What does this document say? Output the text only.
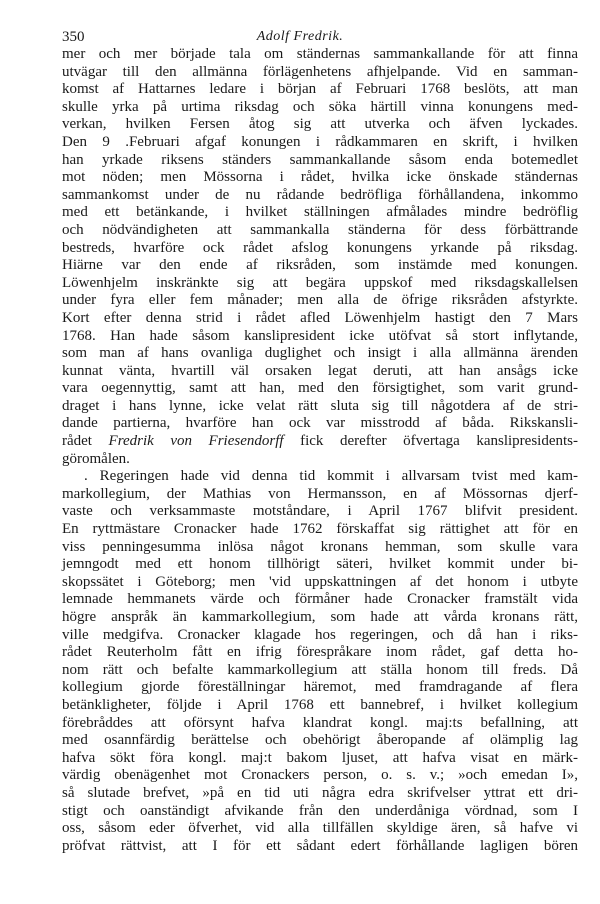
350	Adolf Fredrik.
mer och mer började tala om ständernas sammankallande för att finna
utvägar till den allmänna förlägenhetens afhjelpande. Vid en samman-
komst af Hattarnes ledare i början af Februari 1768 beslöts, att man
skulle yrka på urtima riksdag och söka härtill vinna konungens med-
verkan, hvilken Fersen åtog sig att utverka och äfven lyckades.
Den 9 .Februari afgaf konungen i rådkammaren en skrift, i hvilken
han yrkade riksens ständers sammankallande såsom enda botemedlet
mot nöden; men Mössorna i rådet, hvilka icke önskade ständernas
sammankomst under de nu rådande bedröfliga förhållandena, inkommo
med ett betänkande, i hvilket ställningen afmålades mindre bedröflig
och nödvändigheten att sammankalla ständerna för dess förbättrande
bestreds, hvarföre ock rådet afslog konungens yrkande på riksdag.
Hiärne var den ende af riksråden, som instämde med konungen.
Löwenhjelm inskränkte sig att begära uppskof med riksdagskallelsen
under fyra eller fem månader; men alla de öfrige riksråden afstyrkte.
Kort efter denna strid i rådet afled Löwenhjelm hastigt den 7 Mars
1768. Han hade såsom kanslipresident icke utöfvat så stort inflytande,
som man af hans ovanliga duglighet och insigt i alla allmänna ärenden
kunnat vänta, hvartill väl orsaken legat deruti, att han ansågs icke
vara oegennyttig, samt att han, med den försigtighet, som varit grund-
draget i hans lynne, icke velat rätt sluta sig till någotdera af de stri-
dande partierna, hvarföre han ock var misstrodd af båda. Rikskansli-
rådet Fredrik von Friesendorff fick derefter öfvertaga kanslipresidents-
göromålen.
. Regeringen hade vid denna tid kommit i allvarsam tvist med kam-
markollegium, der Mathias von Hermansson, en af Mössornas djerf-
vaste och verksammaste motståndare, i April 1767 blifvit president.
En ryttmästare Cronacker hade 1762 förskaffat sig rättighet att för en
viss penningesumma inlösa något kronans hemman, som skulle vara
jemngodt med ett honom tillhörigt säteri, hvilket kommit under bi-
skopssätet i Göteborg; men 'vid uppskattningen af det honom i utbyte
lemnade hemmanets värde och förmåner hade Cronacker framstält vida
högre anspråk än kammarkollegium, som hade att vårda kronans rätt,
ville medgifva. Cronacker klagade hos regeringen, och då han i riks-
rådet Reuterholm fått en ifrig förespråkare inom rådet, gaf detta ho-
nom rätt och befalte kammarkollegium att ställa honom till freds. Då
kollegium gjorde föreställningar häremot, med framdragande af flera
betänkligheter, följde i April 1768 ett bannebref, i hvilket kollegium
förebråddes att oförsynt hafva klandrat kongl. maj:ts befallning, att
med osannfärdig berättelse och obehörigt åberopande af olämplig lag
hafva sökt föra kongl. maj:t bakom ljuset, att hafva visat en märk-
värdig obenägenhet mot Cronackers person, o. s. v.; »och emedan I»,
så slutade brefvet, »på en tid uti några edra skrifvelser yttrat ett dri-
stigt och oanständigt afvikande från den underdåniga vördnad, som I
oss, såsom eder öfverhet, vid alla tillfällen skyldige ären, så hafve vi
pröfvat rättvist, att I för ett sådant edert förhållande lagligen bören
